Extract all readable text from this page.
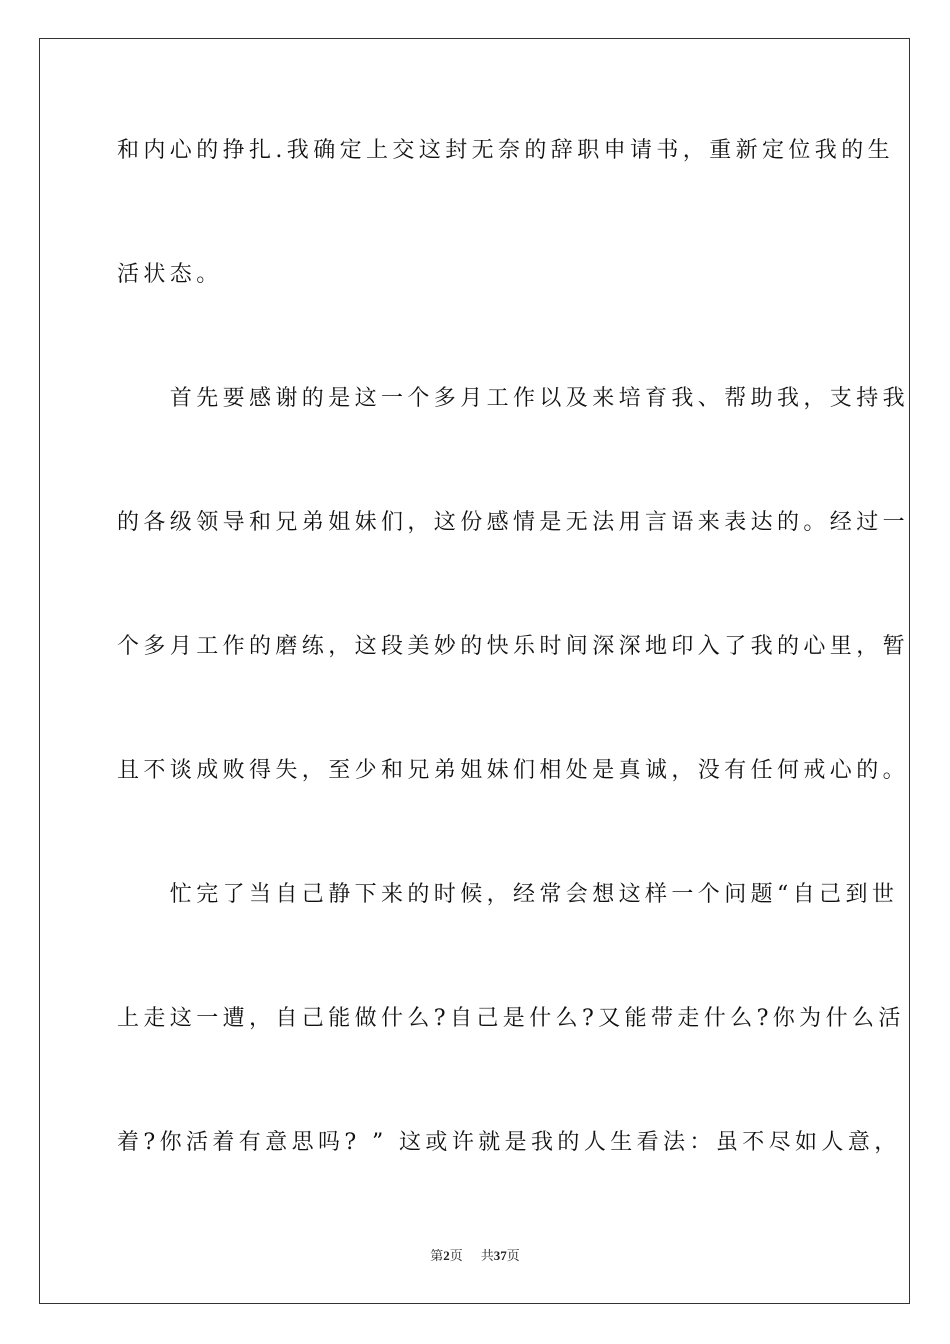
和内心的挣扎.我确定上交这封无奈的辞职申请书，重新定位我的生
活状态。
　　首先要感谢的是这一个多月工作以及来培育我、帮助我，支持我
的各级领导和兄弟姐妹们，这份感情是无法用言语来表达的。经过一
个多月工作的磨练，这段美妙的快乐时间深深地印入了我的心里，暂
且不谈成败得失，至少和兄弟姐妹们相处是真诚，没有任何戒心的。
　　忙完了当自己静下来的时候，经常会想这样一个问题“自己到世
上走这一遭，自己能做什么?自己是什么?又能带走什么?你为什么活
着?你活着有意思吗? ” 这或许就是我的人生看法：虽不尽如人意，
第2页 共37页
